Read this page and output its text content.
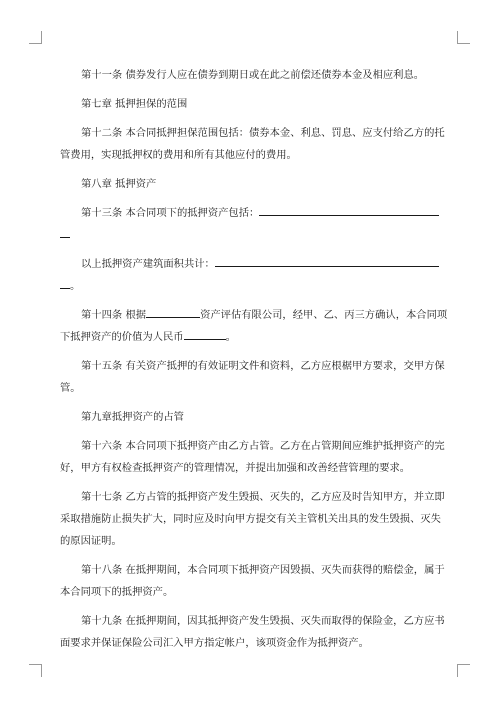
第十一条 债券发行人应在债券到期日或在此之前偿还债券本金及相应利息。
第七章 抵押担保的范围
第十二条 本合同抵押担保范围包括：债券本金、利息、罚息、应支付给乙方的托
管费用，实现抵押权的费用和所有其他应付的费用。
第八章 抵押资产
第十三条 本合同项下的抵押资产包括：
以上抵押资产建筑面积共计：
。
第十四条 根据	资产评估有限公司，经甲、乙、丙三方确认，本合同项
下抵押资产的价值为人民币	。
第十五条 有关资产抵押的有效证明文件和资料，乙方应根椐甲方要求，交甲方保
管。
第九章抵押资产的占管
第十六条 本合同项下抵押资产由乙方占管。乙方在占管期间应维护抵押资产的完
好，甲方有权检查抵押资产的管理情况，并提出加强和改善经营管理的要求。
第十七条 乙方占管的抵押资产发生毁损、灭失的，乙方应及时告知甲方，并立即
采取措施防止损失扩大，同时应及时向甲方提交有关主管机关出具的发生毁损、灭失
的原因证明。
第十八条 在抵押期间，本合同项下抵押资产因毁损、灭失而获得的赔偿金，属于
本合同项下的抵押资产。
第十九条 在抵押期间，因其抵押资产发生毁损、灭失而取得的保险金，乙方应书
面要求并保证保险公司汇入甲方指定帐户，该项资金作为抵押资产。
